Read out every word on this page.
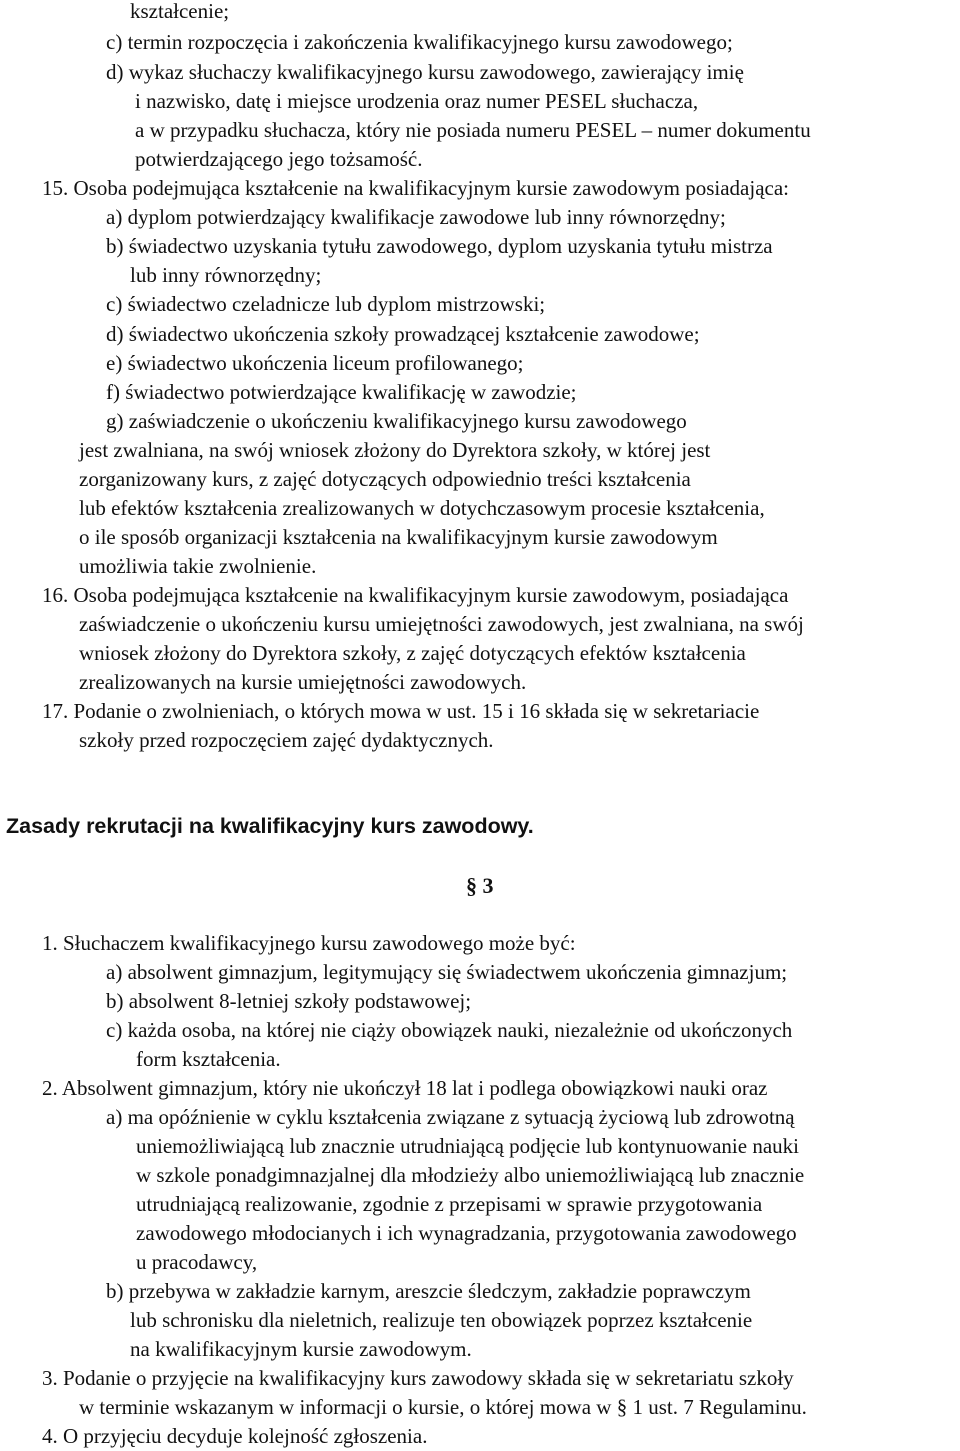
kształcenie;
c) termin rozpoczęcia i zakończenia kwalifikacyjnego kursu zawodowego;
d) wykaz słuchaczy kwalifikacyjnego kursu zawodowego, zawierający imię
i nazwisko, datę i miejsce urodzenia oraz numer PESEL słuchacza,
a w przypadku słuchacza, który nie posiada numeru PESEL – numer dokumentu
potwierdzającego jego tożsamość.
15. Osoba podejmująca kształcenie na kwalifikacyjnym kursie zawodowym posiadająca:
a) dyplom potwierdzający kwalifikacje zawodowe lub inny równorzędny;
b) świadectwo uzyskania tytułu zawodowego, dyplom uzyskania tytułu mistrza
lub inny równorzędny;
c) świadectwo czeladnicze lub dyplom mistrzowski;
d) świadectwo ukończenia szkoły prowadzącej kształcenie zawodowe;
e) świadectwo ukończenia liceum profilowanego;
f) świadectwo potwierdzające kwalifikację w zawodzie;
g) zaświadczenie o ukończeniu kwalifikacyjnego kursu zawodowego
jest zwalniana, na swój wniosek złożony do Dyrektora szkoły, w której jest
zorganizowany kurs, z zajęć dotyczących odpowiednio treści kształcenia
lub efektów kształcenia zrealizowanych w dotychczasowym procesie kształcenia,
o ile sposób organizacji kształcenia na kwalifikacyjnym kursie zawodowym
umożliwia takie zwolnienie.
16. Osoba podejmująca kształcenie na kwalifikacyjnym kursie zawodowym, posiadająca
zaświadczenie o ukończeniu kursu umiejętności zawodowych, jest zwalniana, na swój
wniosek złożony do Dyrektora szkoły, z zajęć dotyczących efektów kształcenia
zrealizowanych na kursie umiejętności zawodowych.
17. Podanie o zwolnieniach, o których mowa w ust. 15 i 16 składa się w sekretariacie
szkoły przed rozpoczęciem zajęć dydaktycznych.
Zasady rekrutacji na kwalifikacyjny kurs zawodowy.
§ 3
1. Słuchaczem kwalifikacyjnego kursu zawodowego może być:
a) absolwent gimnazjum, legitymujący się świadectwem ukończenia gimnazjum;
b) absolwent 8-letniej szkoły podstawowej;
c) każda osoba, na której nie ciąży obowiązek nauki, niezależnie od ukończonych
form kształcenia.
2. Absolwent gimnazjum, który nie ukończył 18 lat i podlega obowiązkowi nauki oraz
a) ma opóźnienie w cyklu kształcenia związane z sytuacją życiową lub zdrowotną
uniemożliwiającą lub znacznie utrudniającą podjęcie lub kontynuowanie nauki
w szkole ponadgimnazjalnej dla młodzieży albo uniemożliwiającą lub znacznie
utrudniającą realizowanie, zgodnie z przepisami w sprawie przygotowania
zawodowego młodocianych i ich wynagradzania, przygotowania zawodowego
u pracodawcy,
b) przebywa w zakładzie karnym, areszcie śledczym, zakładzie poprawczym
lub schronisku dla nieletnich, realizuje ten obowiązek poprzez kształcenie
na kwalifikacyjnym kursie zawodowym.
3. Podanie o przyjęcie na kwalifikacyjny kurs zawodowy składa się w sekretariatu szkoły
w terminie wskazanym w informacji o kursie, o której mowa w § 1 ust. 7 Regulaminu.
4. O przyjęciu decyduje kolejność zgłoszenia.
